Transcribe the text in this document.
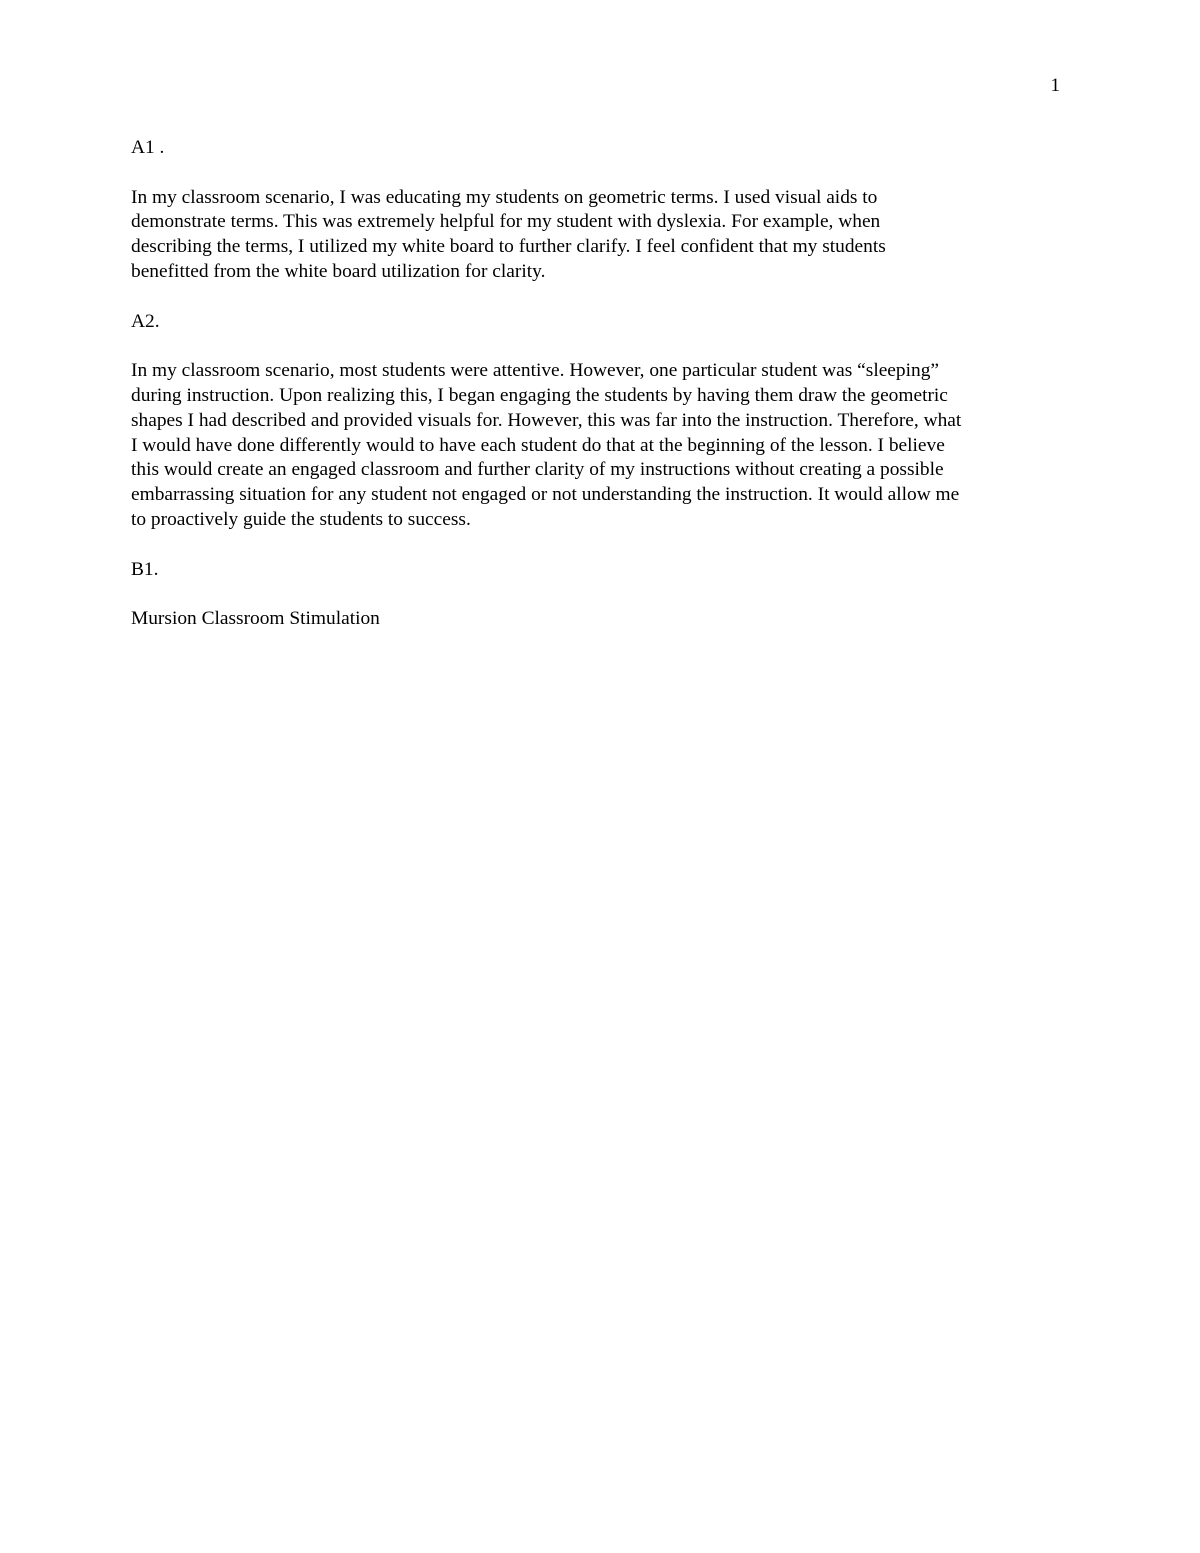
1
A1 .
In my classroom scenario, I was educating my students on geometric terms. I used visual aids to
demonstrate terms. This was extremely helpful for my student with dyslexia. For example, when
describing the terms, I utilized my white board to further clarify. I feel confident that my students
benefitted from the white board utilization for clarity.
A2.
In my classroom scenario, most students were attentive. However, one particular student was “sleeping”
during instruction. Upon realizing this, I began engaging the students by having them draw the geometric
shapes I had described and provided visuals for. However, this was far into the instruction. Therefore, what
I would have done differently would to have each student do that at the beginning of the lesson. I believe
this would create an engaged classroom and further clarity of my instructions without creating a possible
embarrassing situation for any student not engaged or not understanding the instruction. It would allow me
to proactively guide the students to success.
B1.
Mursion Classroom Stimulation
